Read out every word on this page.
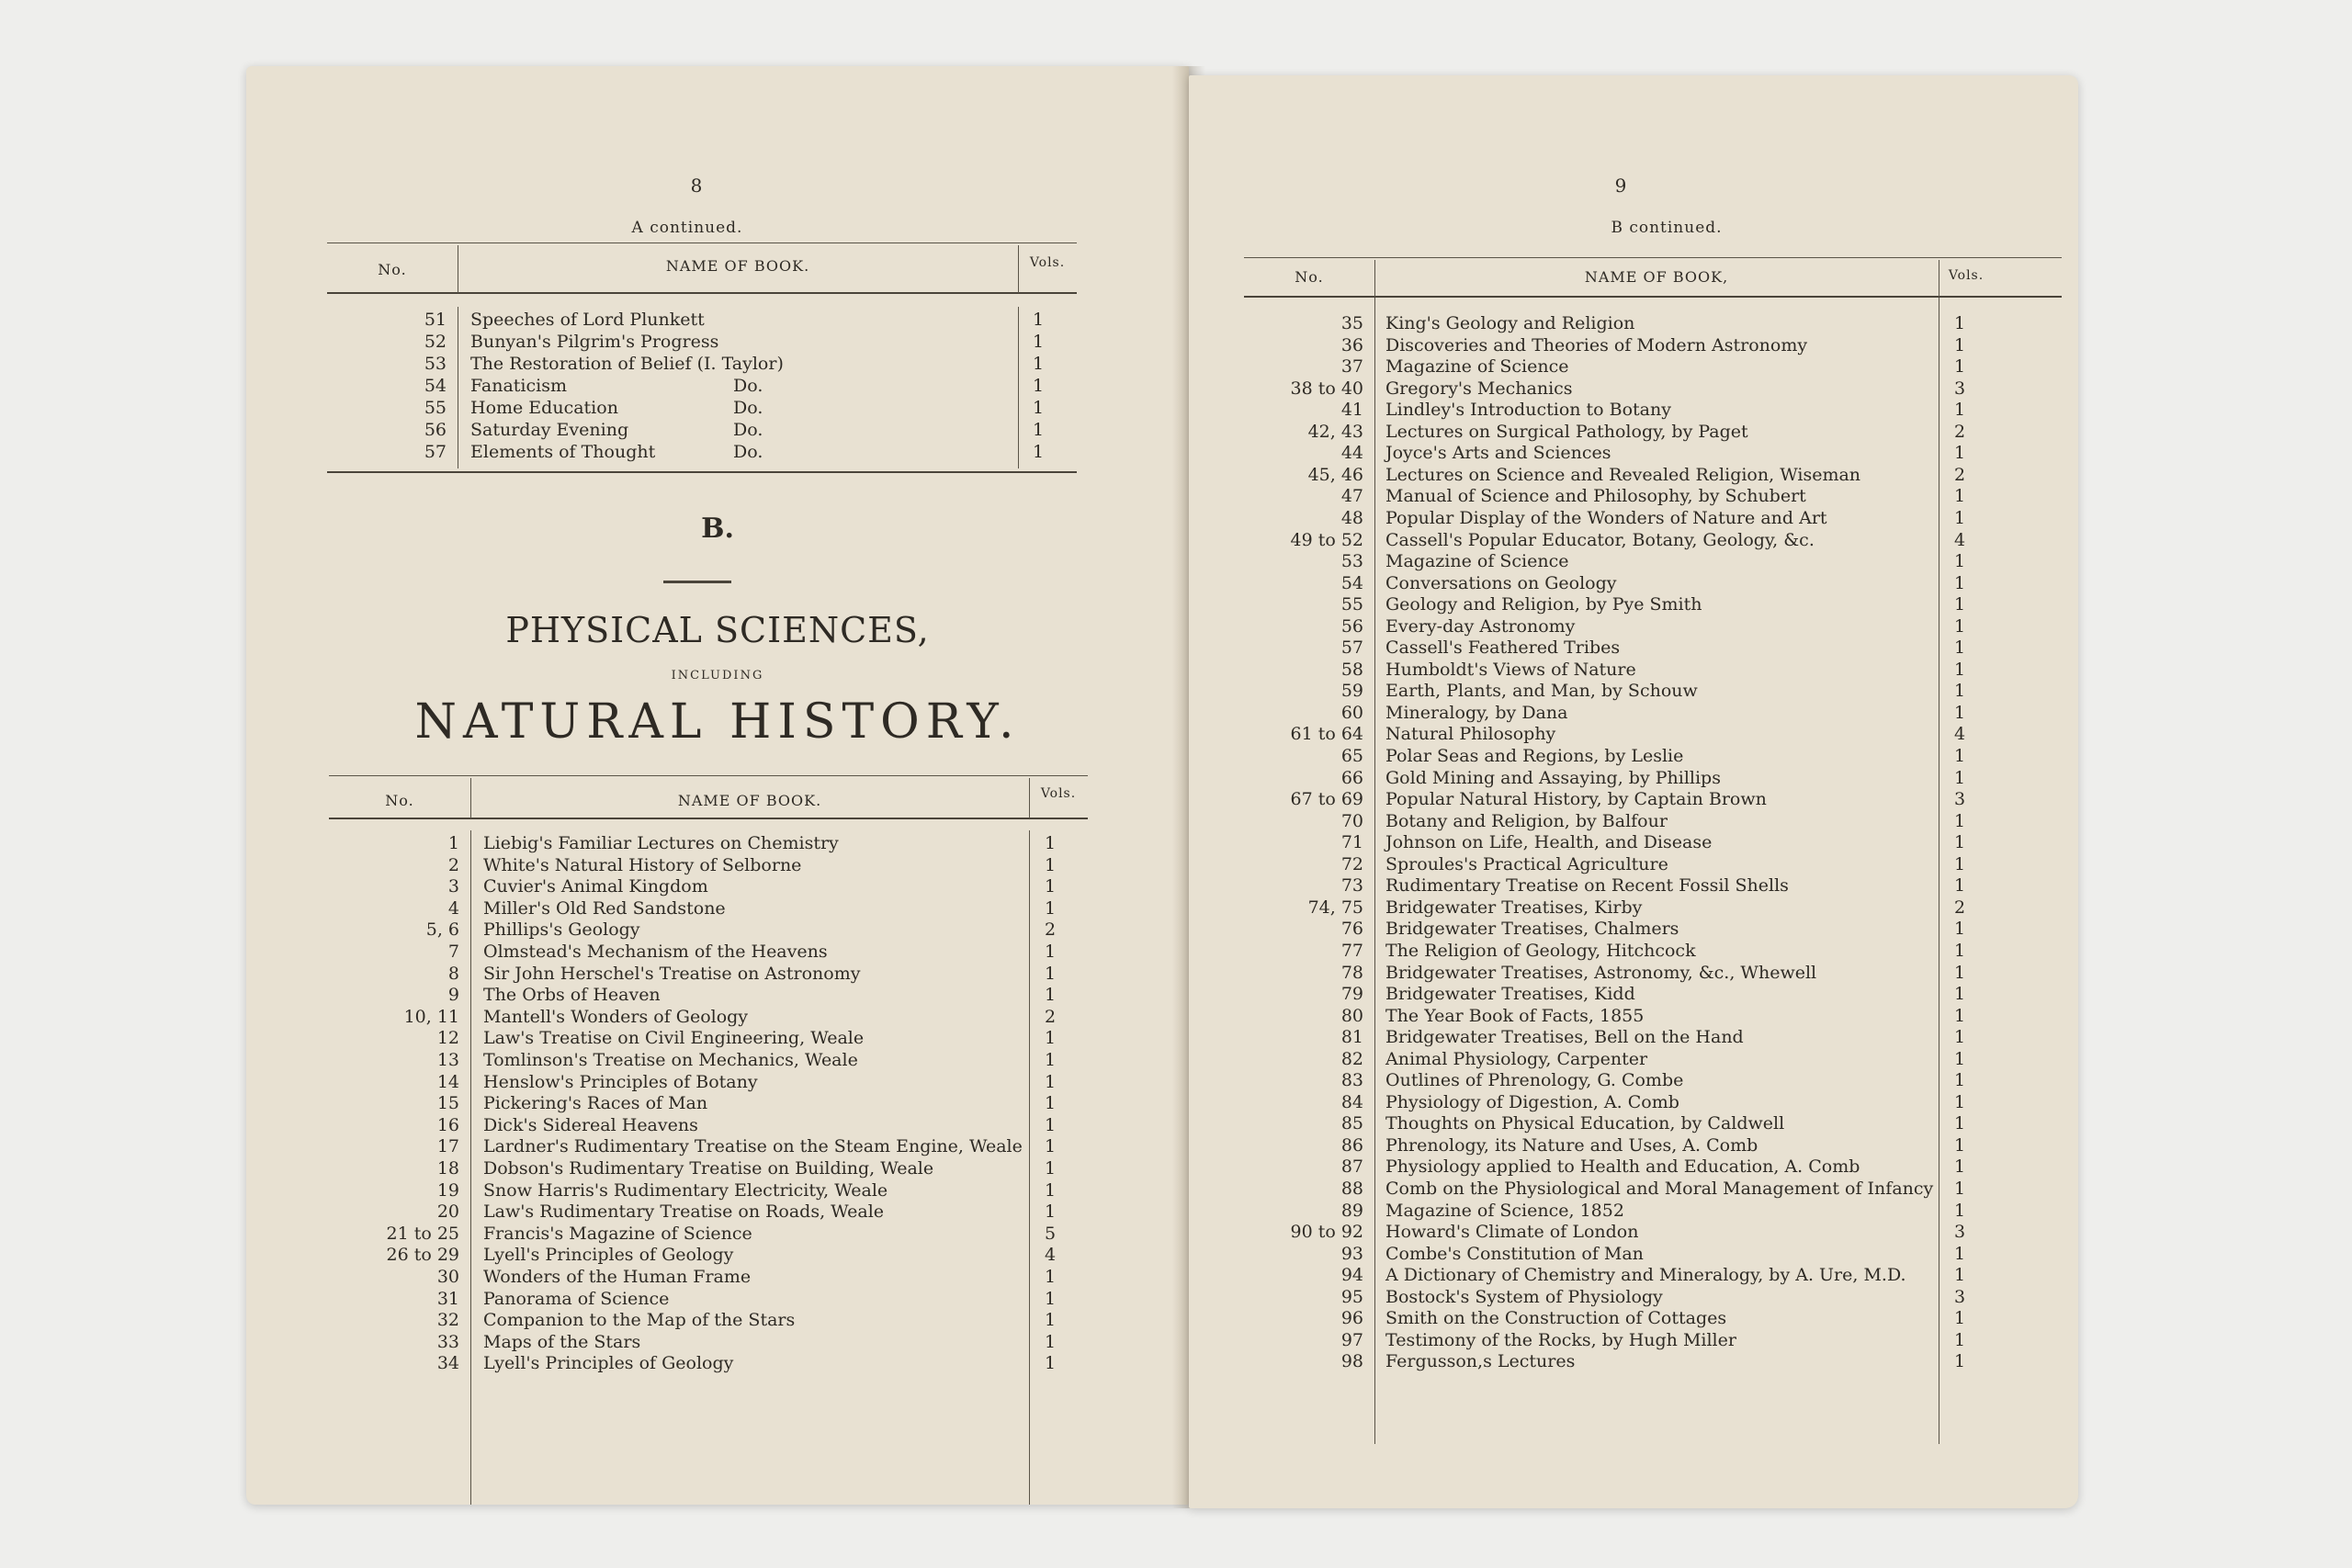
8
A continued.
No.	NAME OF BOOK.	Vols.
51 Speeches of Lord Plunkett	1
52 Bunyan's Pilgrim's Progress	1
53 The Restoration of Belief (I. Taylor)	1
54 Fanaticism	Do.	1
55 Home Education	Do.	1
56 Saturday Evening	Do.	1
57 Elements of Thought	Do.	1
B.
PHYSICAL SCIENCES,
INCLUDING
NATURAL HISTORY.
No.	NAME OF BOOK.	Vols.
1 Liebig's Familiar Lectures on Chemistry	1
2 White's Natural History of Selborne	1
3 Cuvier's Animal Kingdom	1
4 Miller's Old Red Sandstone	1
5, 6 Phillips's Geology	2
7 Olmstead's Mechanism of the Heavens	1
8 Sir John Herschel's Treatise on Astronomy	1
9 The Orbs of Heaven	1
10, 11 Mantell's Wonders of Geology	2
12 Law's Treatise on Civil Engineering, Weale	1
13 Tomlinson's Treatise on Mechanics, Weale	1
14 Henslow's Principles of Botany	1
15 Pickering's Races of Man	1
16 Dick's Sidereal Heavens	1
17 Lardner's Rudimentary Treatise on the Steam Engine, Weale	1
18 Dobson's Rudimentary Treatise on Building, Weale	1
19 Snow Harris's Rudimentary Electricity, Weale	1
20 Law's Rudimentary Treatise on Roads, Weale	1
21 to 25 Francis's Magazine of Science	5
26 to 29 Lyell's Principles of Geology	4
30 Wonders of the Human Frame	1
31 Panorama of Science	1
32 Companion to the Map of the Stars	1
33 Maps of the Stars	1
34 Lyell's Principles of Geology	1
9
B continued.
No.	NAME OF BOOK,	Vols.
35 King's Geology and Religion	1
36 Discoveries and Theories of Modern Astronomy	1
37 Magazine of Science	1
38 to 40 Gregory's Mechanics	3
41 Lindley's Introduction to Botany	1
42, 43 Lectures on Surgical Pathology, by Paget	2
44 Joyce's Arts and Sciences	1
45, 46 Lectures on Science and Revealed Religion, Wiseman	2
47 Manual of Science and Philosophy, by Schubert	1
48 Popular Display of the Wonders of Nature and Art	1
49 to 52 Cassell's Popular Educator, Botany, Geology, &c.	4
53 Magazine of Science	1
54 Conversations on Geology	1
55 Geology and Religion, by Pye Smith	1
56 Every-day Astronomy	1
57 Cassell's Feathered Tribes	1
58 Humboldt's Views of Nature	1
59 Earth, Plants, and Man, by Schouw	1
60 Mineralogy, by Dana	1
61 to 64 Natural Philosophy	4
65 Polar Seas and Regions, by Leslie	1
66 Gold Mining and Assaying, by Phillips	1
67 to 69 Popular Natural History, by Captain Brown	3
70 Botany and Religion, by Balfour	1
71 Johnson on Life, Health, and Disease	1
72 Sproules's Practical Agriculture	1
73 Rudimentary Treatise on Recent Fossil Shells	1
74, 75 Bridgewater Treatises, Kirby	2
76 Bridgewater Treatises, Chalmers	1
77 The Religion of Geology, Hitchcock	1
78 Bridgewater Treatises, Astronomy, &c., Whewell	1
79 Bridgewater Treatises, Kidd	1
80 The Year Book of Facts, 1855	1
81 Bridgewater Treatises, Bell on the Hand	1
82 Animal Physiology, Carpenter	1
83 Outlines of Phrenology, G. Combe	1
84 Physiology of Digestion, A. Comb	1
85 Thoughts on Physical Education, by Caldwell	1
86 Phrenology, its Nature and Uses, A. Comb	1
87 Physiology applied to Health and Education, A. Comb	1
88 Comb on the Physiological and Moral Management of Infancy	1
89 Magazine of Science, 1852	1
90 to 92 Howard's Climate of London	3
93 Combe's Constitution of Man	1
94 A Dictionary of Chemistry and Mineralogy, by A. Ure, M.D.	1
95 Bostock's System of Physiology	3
96 Smith on the Construction of Cottages	1
97 Testimony of the Rocks, by Hugh Miller	1
98 Fergusson,s Lectures	1
